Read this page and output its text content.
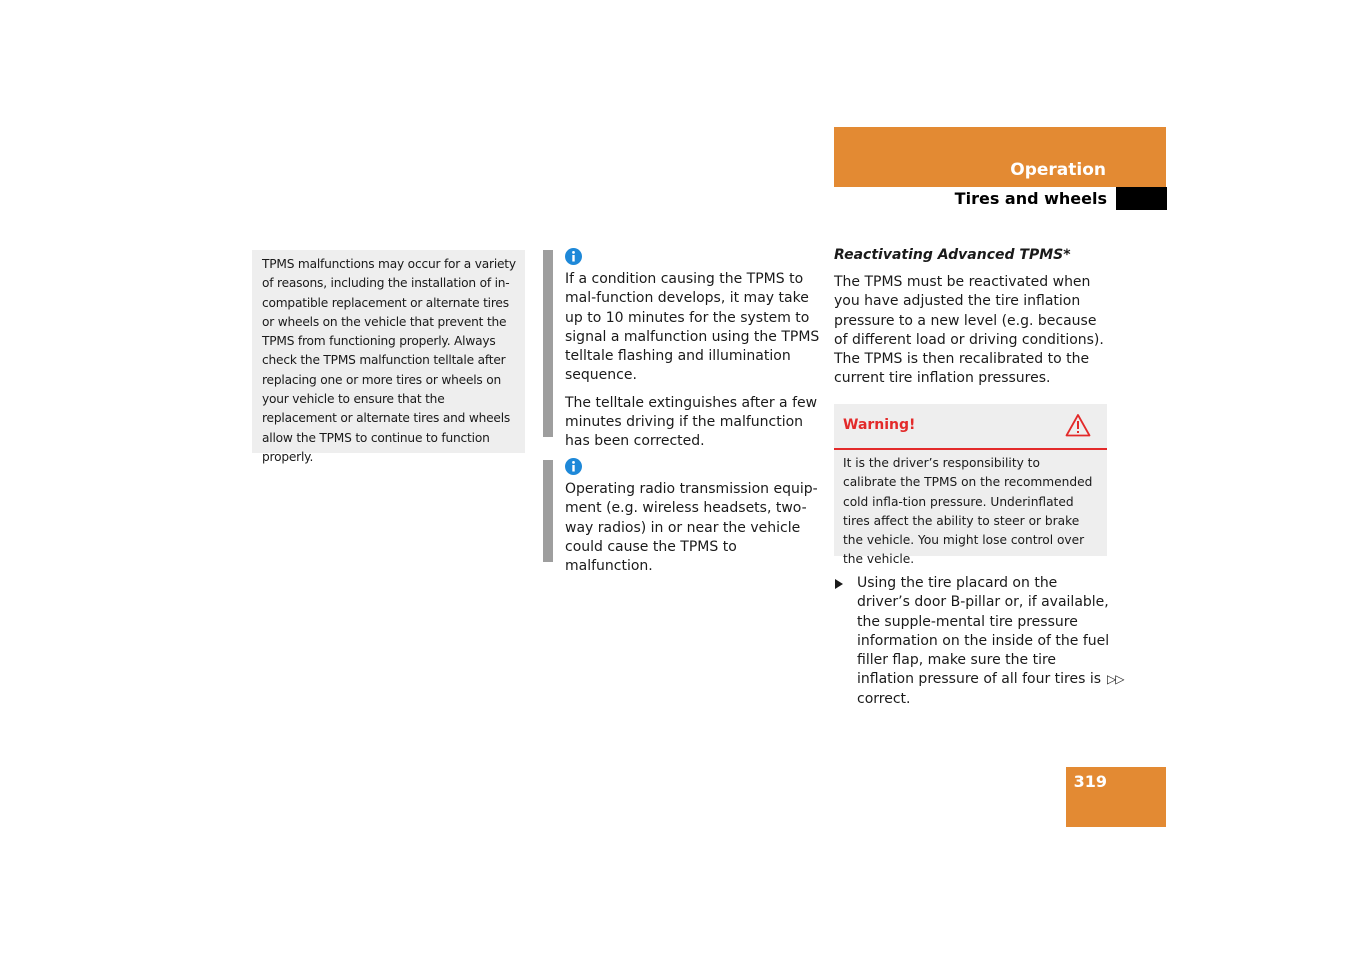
Operation
Tires and wheels
TPMS malfunctions may occur for a variety of reasons, including the installation of in-compatible replacement or alternate tires or wheels on the vehicle that prevent the TPMS from functioning properly. Always check the TPMS malfunction telltale after replacing one or more tires or wheels on your vehicle to ensure that the replacement or alternate tires and wheels allow the TPMS to continue to function properly.

If a condition causing the TPMS to mal-function develops, it may take up to 10 minutes for the system to signal a malfunction using the TPMS telltale flashing and illumination sequence.

The telltale extinguishes after a few minutes driving if the malfunction has been corrected.

Operating radio transmission equip-ment (e.g. wireless headsets, two-way radios) in or near the vehicle could cause the TPMS to malfunction.

Reactivating Advanced TPMS*

The TPMS must be reactivated when you have adjusted the tire inflation pressure to a new level (e.g. because of different load or driving conditions). The TPMS is then recalibrated to the current tire inflation pressures.

Warning!
It is the driver’s responsibility to calibrate the TPMS on the recommended cold infla-tion pressure. Underinflated tires affect the ability to steer or brake the vehicle. You might lose control over the vehicle.
Using the tire placard on the driver’s door B-pillar or, if available, the supple-mental tire pressure information on the inside of the fuel filler flap, make sure the tire inflation pressure of all four tires is correct.
▷▷
319
